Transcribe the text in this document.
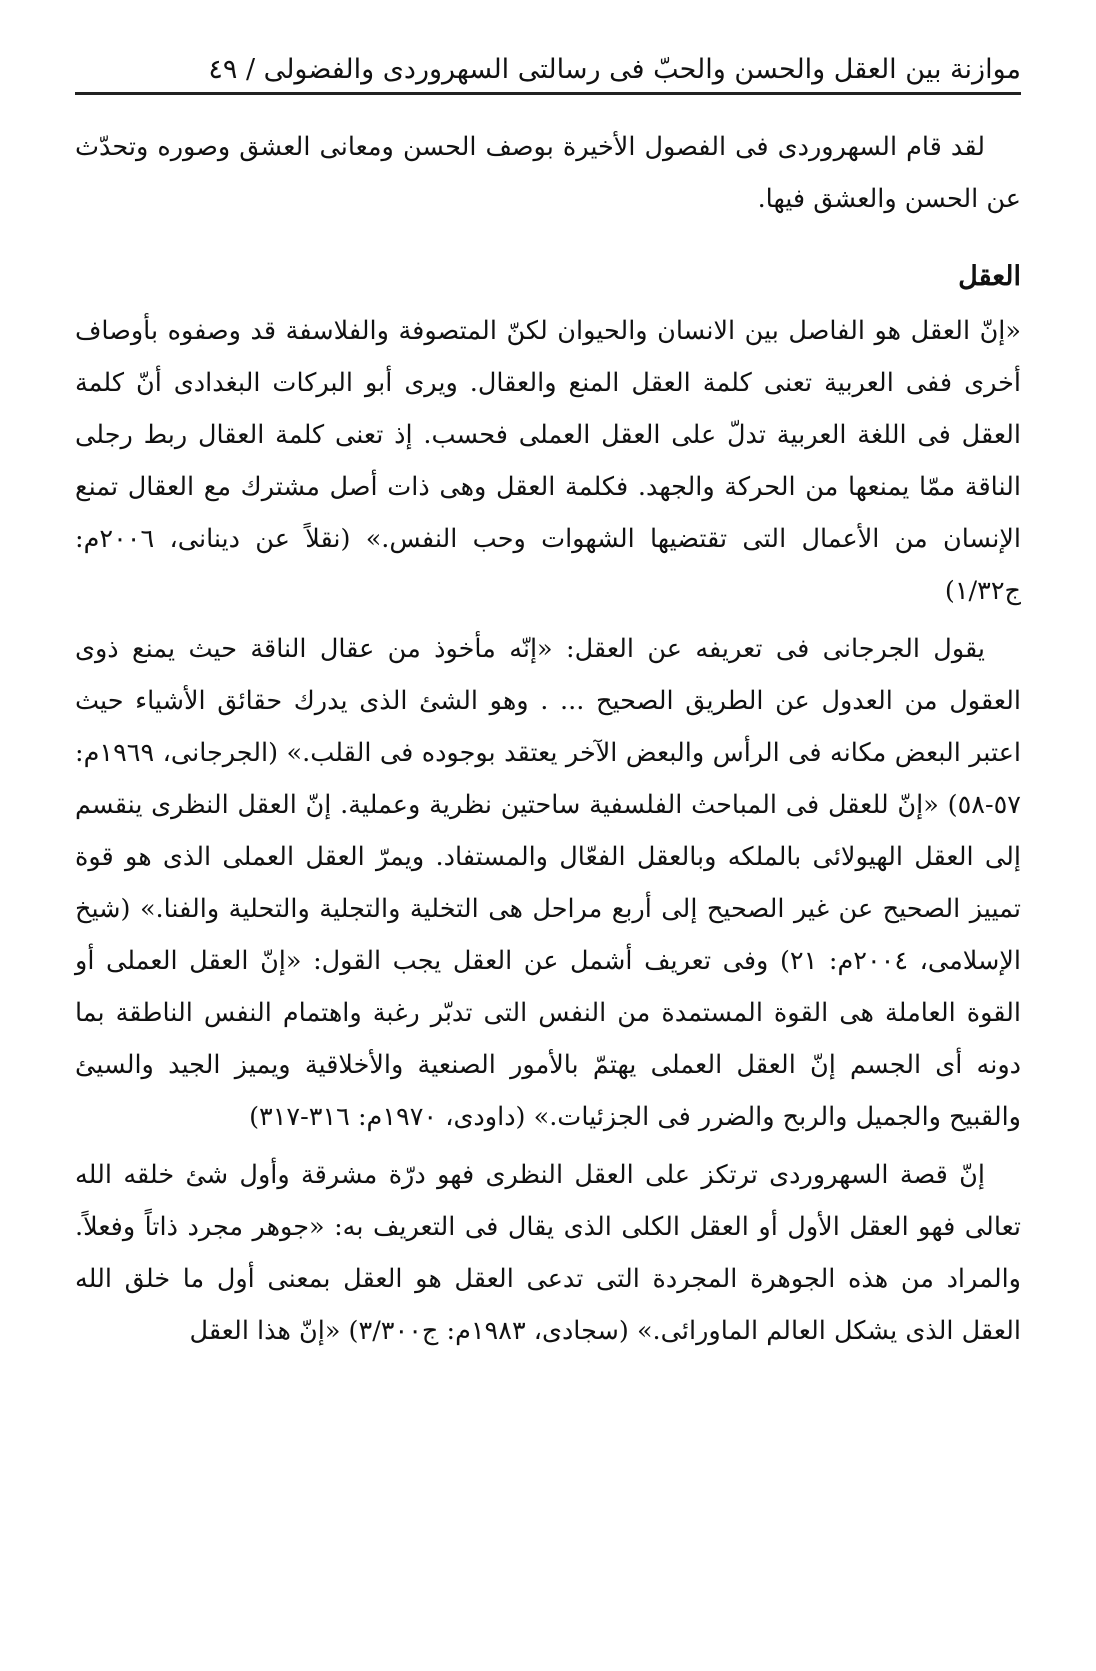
موازنة بين العقل والحسن والحبّ فى رسالتى السهروردى والفضولى / ٤٩

لقد قام السهروردى فى الفصول الأخيرة بوصف الحسن ومعانى العشق وصوره وتحدّث عن الحسن والعشق فيها.

العقل

«إنّ العقل هو الفاصل بين الانسان والحيوان لكنّ المتصوفة والفلاسفة قد وصفوه بأوصاف أخرى ففى العربية تعنى كلمة العقل المنع والعقال. ويرى أبو البركات البغدادى أنّ كلمة العقل فى اللغة العربية تدلّ على العقل العملى فحسب. إذ تعنى كلمة العقال ربط رجلى الناقة ممّا يمنعها من الحركة والجهد. فكلمة العقل وهى ذات أصل مشترك مع العقال تمنع الإنسان من الأعمال التى تقتضيها الشهوات وحب النفس.» (نقلاً عن دينانى، ٢٠٠٦م: ج١/٣٢)

يقول الجرجانى فى تعريفه عن العقل: «إنّه مأخوذ من عقال الناقة حيث يمنع ذوى العقول من العدول عن الطريق الصحيح ... . وهو الشئ الذى يدرك حقائق الأشياء حيث اعتبر البعض مكانه فى الرأس والبعض الآخر يعتقد بوجوده فى القلب.» (الجرجانى، ١٩٦٩م: ٥٧-٥٨) «إنّ للعقل فى المباحث الفلسفية ساحتين نظرية وعملية. إنّ العقل النظرى ينقسم إلى العقل الهيولائى بالملكه وبالعقل الفعّال والمستفاد. ويمرّ العقل العملى الذى هو قوة تمييز الصحيح عن غير الصحيح إلى أربع مراحل هى التخلية والتجلية والتحلية والفنا.» (شيخ الإسلامى، ٢٠٠٤م: ٢١) وفى تعريف أشمل عن العقل يجب القول: «إنّ العقل العملى أو القوة العاملة هى القوة المستمدة من النفس التى تدبّر رغبة واهتمام النفس الناطقة بما دونه أى الجسم إنّ العقل العملى يهتمّ بالأمور الصنعية والأخلاقية ويميز الجيد والسيئ والقبيح والجميل والربح والضرر فى الجزئيات.» (داودى، ١٩٧٠م: ٣١٦-٣١٧)

إنّ قصة السهروردى ترتكز على العقل النظرى فهو درّة مشرقة وأول شئ خلقه الله تعالى فهو العقل الأول أو العقل الكلى الذى يقال فى التعريف به: «جوهر مجرد ذاتاً وفعلاً. والمراد من هذه الجوهرة المجردة التى تدعى العقل هو العقل بمعنى أول ما خلق الله العقل الذى يشكل العالم الماورائى.» (سجادى، ١٩٨٣م: ج٣/٣٠٠) «إنّ هذا العقل
